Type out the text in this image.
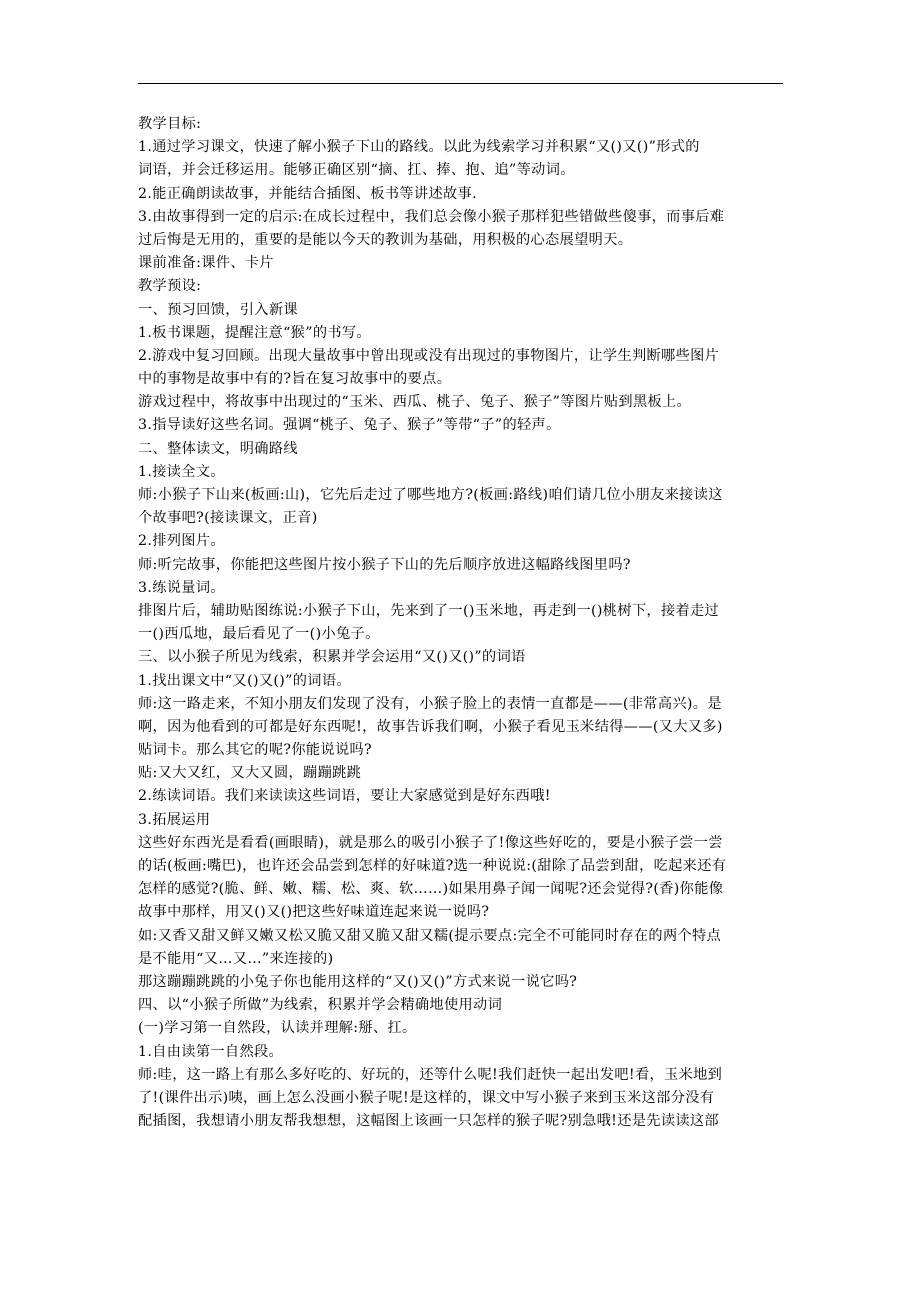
教学目标:
1.通过学习课文，快速了解小猴子下山的路线。以此为线索学习并积累“又()又()”形式的
词语，并会迁移运用。能够正确区别“摘、扛、捧、抱、追”等动词。
2.能正确朗读故事，并能结合插图、板书等讲述故事.
3.由故事得到一定的启示:在成长过程中，我们总会像小猴子那样犯些错做些傻事，而事后难
过后悔是无用的，重要的是能以今天的教训为基础，用积极的心态展望明天。
课前准备:课件、卡片
教学预设:
一、预习回馈，引入新课
1.板书课题，提醒注意“猴”的书写。
2.游戏中复习回顾。出现大量故事中曾出现或没有出现过的事物图片，让学生判断哪些图片
中的事物是故事中有的?旨在复习故事中的要点。
游戏过程中，将故事中出现过的“玉米、西瓜、桃子、兔子、猴子”等图片贴到黑板上。
3.指导读好这些名词。强调“桃子、兔子、猴子”等带“子”的轻声。
二、整体读文，明确路线
1.接读全文。
师:小猴子下山来(板画:山)，它先后走过了哪些地方?(板画:路线)咱们请几位小朋友来接读这
个故事吧?(接读课文，正音)
2.排列图片。
师:听完故事，你能把这些图片按小猴子下山的先后顺序放进这幅路线图里吗?
3.练说量词。
排图片后，辅助贴图练说:小猴子下山，先来到了一()玉米地，再走到一()桃树下，接着走过
一()西瓜地，最后看见了一()小兔子。
三、以小猴子所见为线索，积累并学会运用“又()又()”的词语
1.找出课文中“又()又()”的词语。
师:这一路走来，不知小朋友们发现了没有，小猴子脸上的表情一直都是——(非常高兴)。是
啊，因为他看到的可都是好东西呢!，故事告诉我们啊，小猴子看见玉米结得——(又大又多)
贴词卡。那么其它的呢?你能说说吗?
贴:又大又红，又大又圆，蹦蹦跳跳
2.练读词语。我们来读读这些词语，要让大家感觉到是好东西哦!
3.拓展运用
这些好东西光是看看(画眼睛)，就是那么的吸引小猴子了!像这些好吃的，要是小猴子尝一尝
的话(板画:嘴巴)，也许还会品尝到怎样的好味道?选一种说说:(甜除了品尝到甜，吃起来还有
怎样的感觉?(脆、鲜、嫩、糯、松、爽、软……)如果用鼻子闻一闻呢?还会觉得?(香)你能像
故事中那样，用又()又()把这些好味道连起来说一说吗?
如:又香又甜又鲜又嫩又松又脆又甜又脆又甜又糯(提示要点:完全不可能同时存在的两个特点
是不能用“又…又…”来连接的)
那这蹦蹦跳跳的小兔子你也能用这样的“又()又()”方式来说一说它吗?
四、以“小猴子所做”为线索，积累并学会精确地使用动词
(一)学习第一自然段，认读并理解:掰、扛。
1.自由读第一自然段。
师:哇，这一路上有那么多好吃的、好玩的，还等什么呢!我们赶快一起出发吧!看，玉米地到
了!(课件出示)咦，画上怎么没画小猴子呢!是这样的，课文中写小猴子来到玉米这部分没有
配插图，我想请小朋友帮我想想，这幅图上该画一只怎样的猴子呢?别急哦!还是先读读这部
